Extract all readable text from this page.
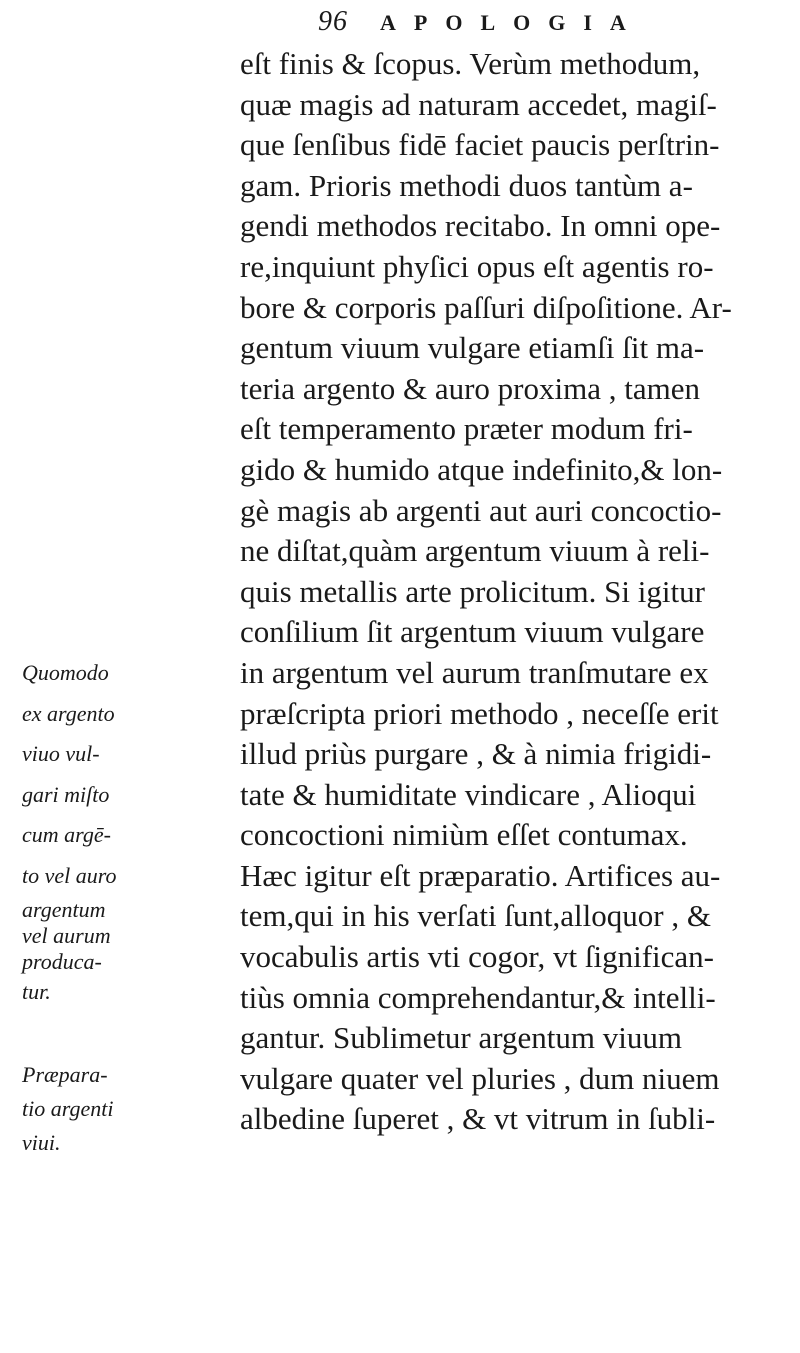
96 APOLOGIA
eſt finis & ſcopus. Verùm methodum,
quæ magis ad naturam accedet, magiſ-
que ſenſibus fidē faciet paucis perſtrin-
gam. Prioris methodi duos tantùm a-
gendi methodos recitabo. In omni ope-
re,inquiunt phyſici opus eſt agentis ro-
bore & corporis paſſuri diſpoſitione. Ar-
gentum viuum vulgare etiamſi ſit ma-
teria argento & auro proxima , tamen
eſt temperamento præter modum fri-
gido & humido atque indefinito,& lon-
gè magis ab argenti aut auri concoctio-
ne diſtat,quàm argentum viuum à reli-
quis metallis arte prolicitum. Si igitur
conſilium ſit argentum viuum vulgare
in argentum vel aurum tranſmutare ex
præſcripta priori methodo , neceſſe erit
illud priùs purgare , & à nimia frigidi-
tate & humiditate vindicare , Alioqui
concoctioni nimiùm eſſet contumax.
Hæc igitur eſt præparatio. Artifices au-
tem,qui in his verſati ſunt,alloquor , &
vocabulis artis vti cogor, vt ſignifican-
tiùs omnia comprehendantur,& intelli-
gantur. Sublimetur argentum viuum
vulgare quater vel pluries , dum niuem
albedine ſuperet , & vt vitrum in ſubli-
Quomodo
ex argento
viuo vul-
gari miſto
cum argē-
to vel auro
argentum
vel aurum
produca-
tur.
Præpara-
tio argenti
viui.
